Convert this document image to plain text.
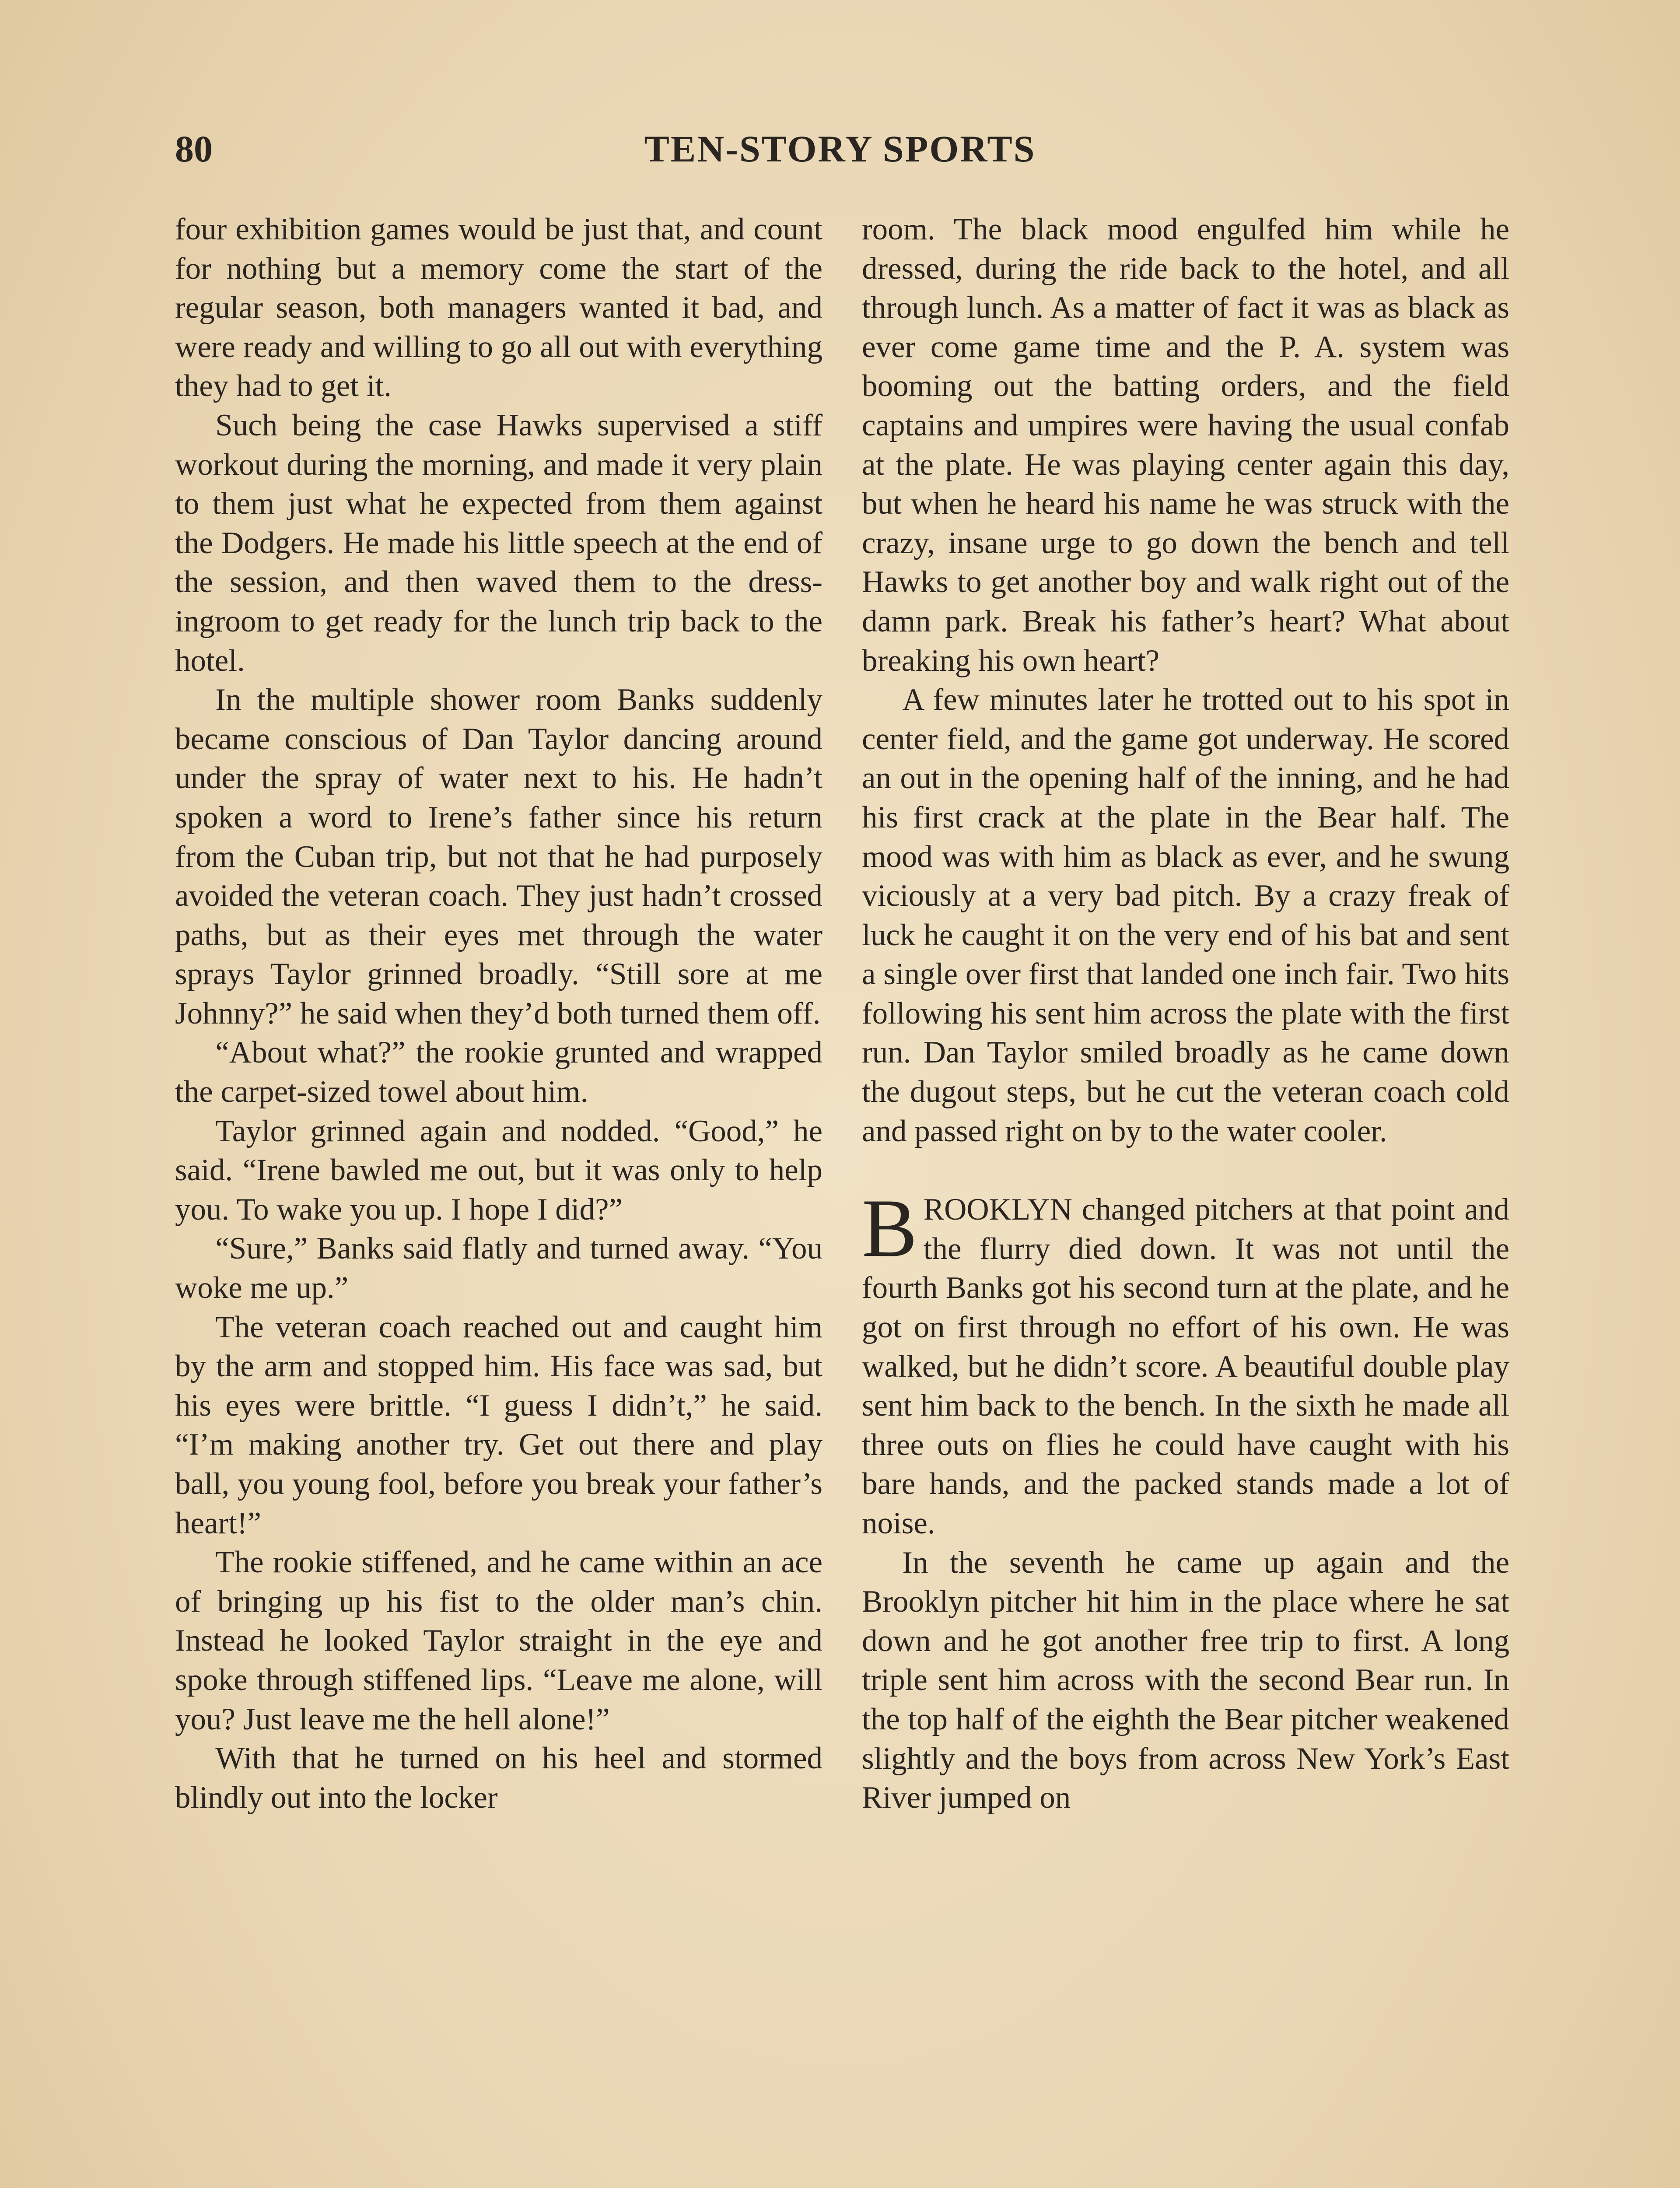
80	TEN-STORY SPORTS

four exhibition games would be just that, and count for nothing but a memory come the start of the regular season, both managers wanted it bad, and were ready and willing to go all out with everything they had to get it.

Such being the case Hawks supervised a stiff workout during the morning, and made it very plain to them just what he expected from them against the Dodgers. He made his little speech at the end of the session, and then waved them to the dressingroom to get ready for the lunch trip back to the hotel.

In the multiple shower room Banks suddenly became conscious of Dan Taylor dancing around under the spray of water next to his. He hadn’t spoken a word to Irene’s father since his return from the Cuban trip, but not that he had purposely avoided the veteran coach. They just hadn’t crossed paths, but as their eyes met through the water sprays Taylor grinned broadly. “Still sore at me Johnny?” he said when they’d both turned them off.

“About what?” the rookie grunted and wrapped the carpet-sized towel about him.

Taylor grinned again and nodded. “Good,” he said. “Irene bawled me out, but it was only to help you. To wake you up. I hope I did?”

“Sure,” Banks said flatly and turned away. “You woke me up.”

The veteran coach reached out and caught him by the arm and stopped him. His face was sad, but his eyes were brittle. “I guess I didn’t,” he said. “I’m making another try. Get out there and play ball, you young fool, before you break your father’s heart!”

The rookie stiffened, and he came within an ace of bringing up his fist to the older man’s chin. Instead he looked Taylor straight in the eye and spoke through stiffened lips. “Leave me alone, will you? Just leave me the hell alone!”

With that he turned on his heel and stormed blindly out into the locker

room. The black mood engulfed him while he dressed, during the ride back to the hotel, and all through lunch. As a matter of fact it was as black as ever come game time and the P. A. system was booming out the batting orders, and the field captains and umpires were having the usual confab at the plate. He was playing center again this day, but when he heard his name he was struck with the crazy, insane urge to go down the bench and tell Hawks to get another boy and walk right out of the damn park. Break his father’s heart? What about breaking his own heart?

A few minutes later he trotted out to his spot in center field, and the game got underway. He scored an out in the opening half of the inning, and he had his first crack at the plate in the Bear half. The mood was with him as black as ever, and he swung viciously at a very bad pitch. By a crazy freak of luck he caught it on the very end of his bat and sent a single over first that landed one inch fair. Two hits following his sent him across the plate with the first run. Dan Taylor smiled broadly as he came down the dugout steps, but he cut the veteran coach cold and passed right on by to the water cooler.

BROOKLYN changed pitchers at that point and the flurry died down. It was not until the fourth Banks got his second turn at the plate, and he got on first through no effort of his own. He was walked, but he didn’t score. A beautiful double play sent him back to the bench. In the sixth he made all three outs on flies he could have caught with his bare hands, and the packed stands made a lot of noise.

In the seventh he came up again and the Brooklyn pitcher hit him in the place where he sat down and he got another free trip to first. A long triple sent him across with the second Bear run. In the top half of the eighth the Bear pitcher weakened slightly and the boys from across New York’s East River jumped on
